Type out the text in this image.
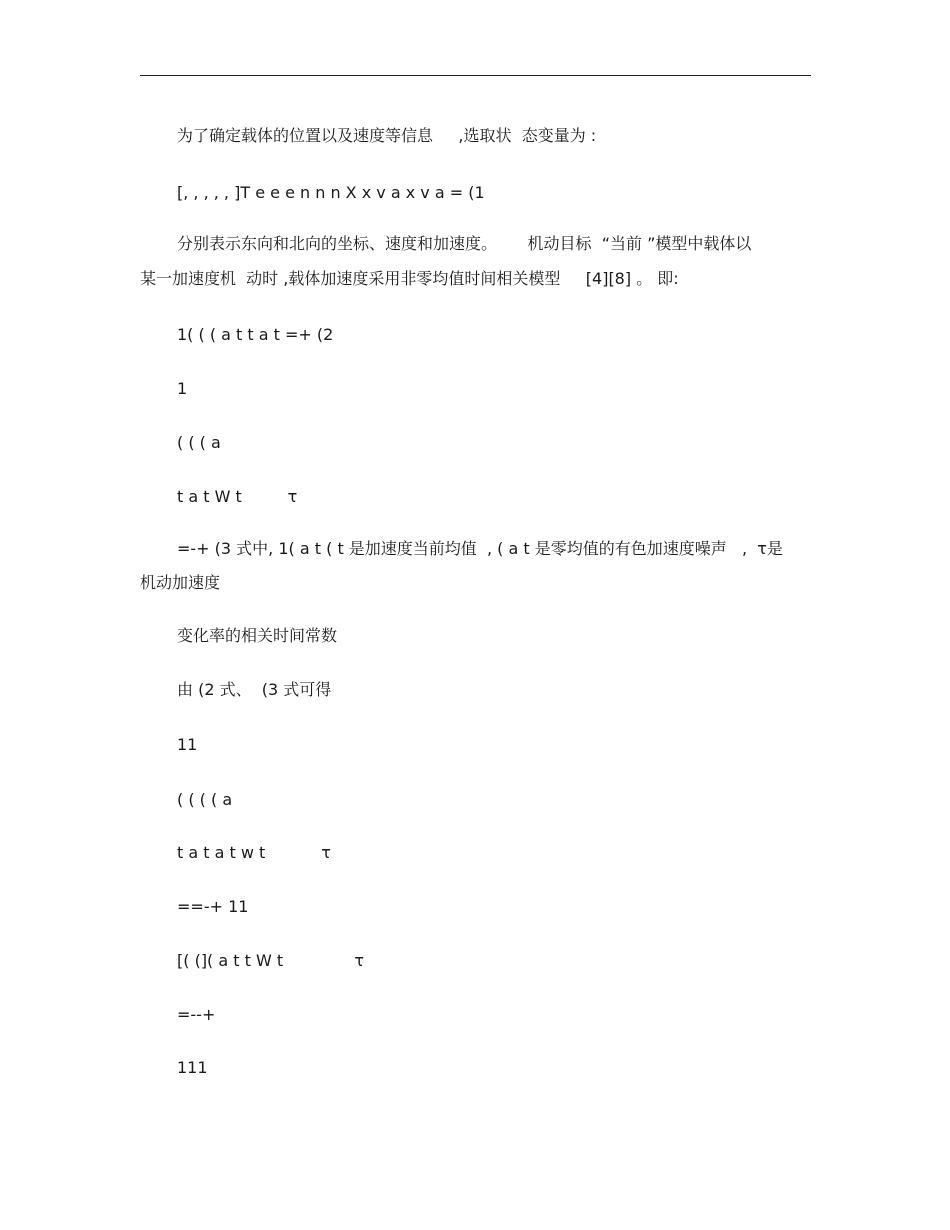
为了确定载体的位置以及速度等信息     ,选取状  态变量为 :
[, , , , , ]T e e e n n n X x v a x v a = (1
分别表示东向和北向的坐标、速度和加速度。      机动目标  “当前 ”模型中载体以
某一加速度机  动时 ,载体加速度采用非零均值时间相关模型     [4][8] 。 即:
1( ( ( a t t a t =+ (2
1
( ( ( a
t a t W t         τ
=-+ (3 式中, 1( a t ( t 是加速度当前均值  , ( a t 是零均值的有色加速度噪声   ,  τ是
机动加速度
变化率的相关时间常数
由 (2 式、  (3 式可得
11
( ( ( ( a
t a t a t w t           τ
==-+ 11
[( (]( a t t W t              τ
=--+
111
